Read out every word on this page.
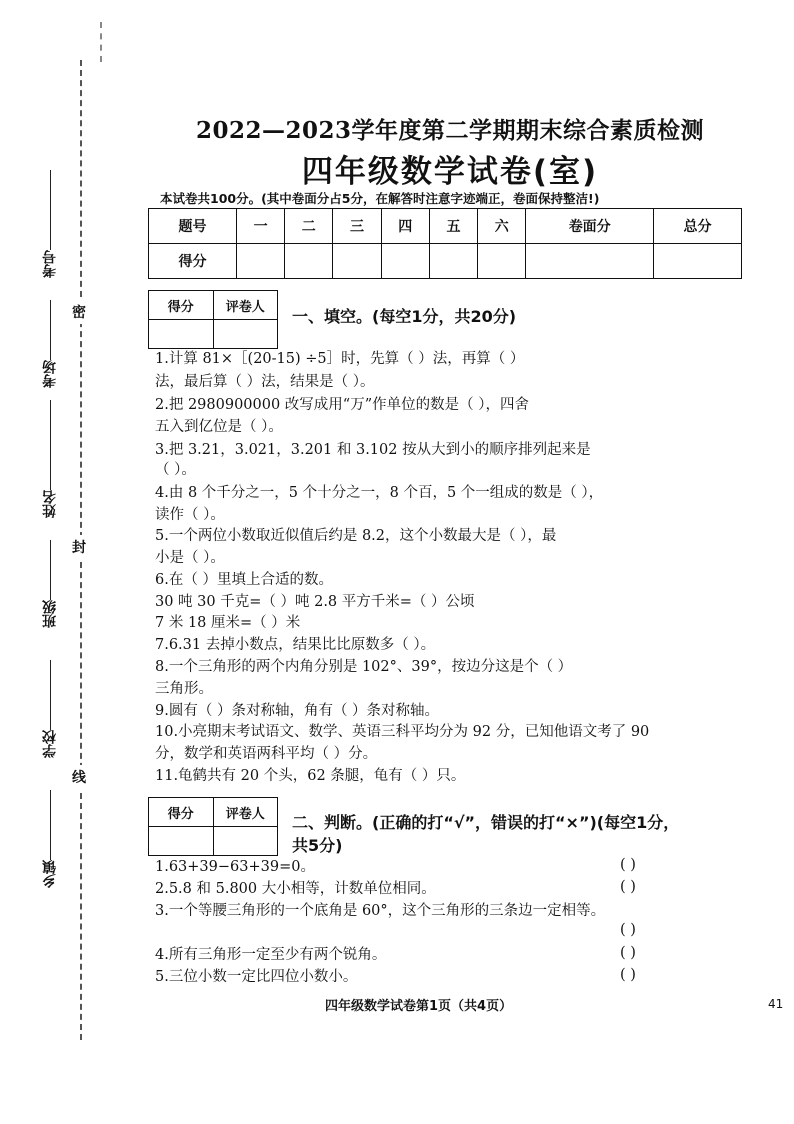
密
封
线
考号
考场
姓名
班级
学校
乡镇
2022—2023学年度第二学期期末综合素质检测
四年级数学试卷(室)
本试卷共100分。(其中卷面分占5分，在解答时注意字迹端正，卷面保持整洁!)
题号	一	二	三	四	五	六	卷面分	总分
得分								
得分	评卷人
	一、填空。(每空1分，共20分)
1.计算 81×［(20-15) ÷5］时，先算（ ）法，再算（ ）
法，最后算（ ）法，结果是（ ）。
2.把 2980900000 改写成用“万”作单位的数是（ ），四舍
五入到亿位是（ ）。
3.把 3.21，3.021，3.201 和 3.102 按从大到小的顺序排列起来是
（ ）。
4.由 8 个千分之一，5 个十分之一，8 个百，5 个一组成的数是（ ），
读作（ ）。
5.一个两位小数取近似值后约是 8.2，这个小数最大是（ ），最
小是（ ）。
6.在（ ）里填上合适的数。
30 吨 30 千克=（ ）吨 2.8 平方千米=（ ）公顷
7 米 18 厘米=（ ）米
7.6.31 去掉小数点，结果比比原数多（ ）。
8.一个三角形的两个内角分别是 102°、39°，按边分这是个（ ）
三角形。
9.圆有（ ）条对称轴，角有（ ）条对称轴。
10.小亮期末考试语文、数学、英语三科平均分为 92 分，已知他语文考了 90
分，数学和英语两科平均（ ）分。
11.龟鹤共有 20 个头，62 条腿，龟有（ ）只。
得分	评卷人
	二、判断。(正确的打“√”，错误的打“×”)(每空1分，
共5分)
1.63+39−63+39=0。	( )
2.5.8 和 5.800 大小相等，计数单位相同。	( )
3.一个等腰三角形的一个底角是 60°，这个三角形的三条边一定相等。
( )
4.所有三角形一定至少有两个锐角。	( )
5.三位小数一定比四位小数小。	( )
四年级数学试卷第1页（共4页）	41
